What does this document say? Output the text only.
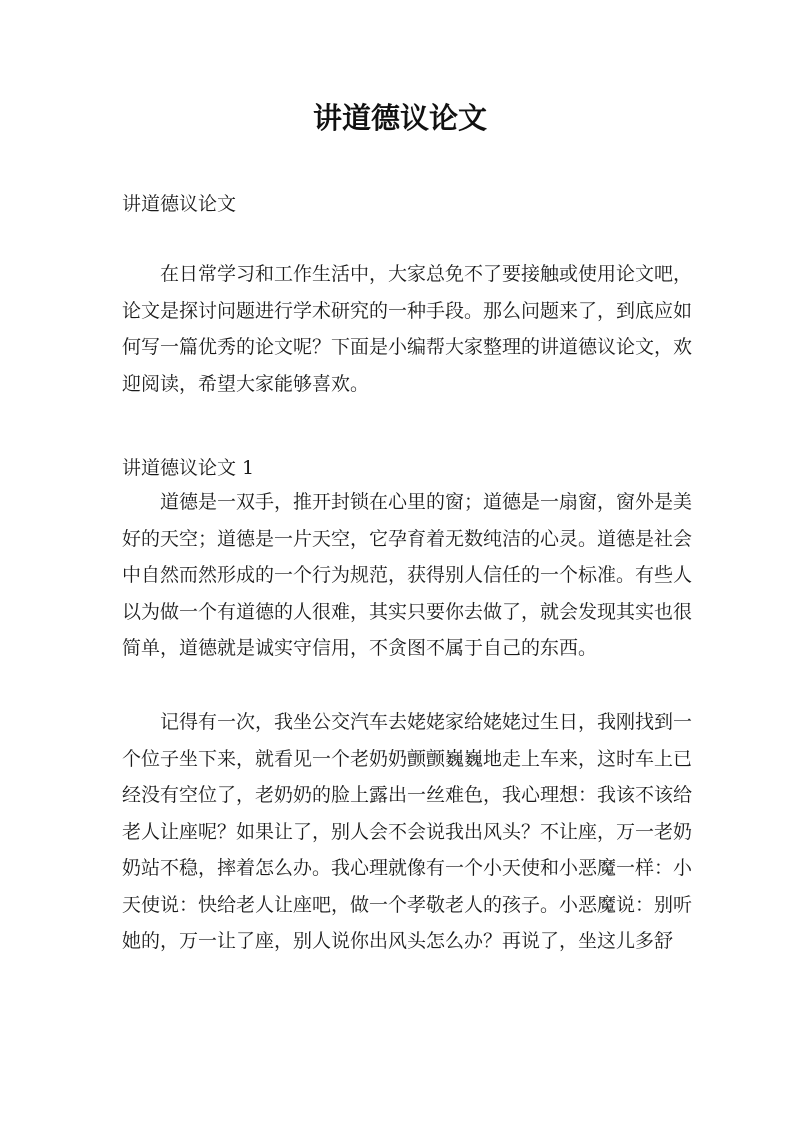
讲道德议论文

讲道德议论文

在日常学习和工作生活中，大家总免不了要接触或使用论文吧，论文是探讨问题进行学术研究的一种手段。那么问题来了，到底应如何写一篇优秀的论文呢？下面是小编帮大家整理的讲道德议论文，欢迎阅读，希望大家能够喜欢。

讲道德议论文 1

道德是一双手，推开封锁在心里的窗；道德是一扇窗，窗外是美好的天空；道德是一片天空，它孕育着无数纯洁的心灵。道德是社会中自然而然形成的一个行为规范，获得别人信任的一个标准。有些人以为做一个有道德的人很难，其实只要你去做了，就会发现其实也很简单，道德就是诚实守信用，不贪图不属于自己的东西。

记得有一次，我坐公交汽车去姥姥家给姥姥过生日，我刚找到一个位子坐下来，就看见一个老奶奶颤颤巍巍地走上车来，这时车上已经没有空位了，老奶奶的脸上露出一丝难色，我心理想：我该不该给老人让座呢？如果让了，别人会不会说我出风头？不让座，万一老奶奶站不稳，摔着怎么办。我心理就像有一个小天使和小恶魔一样：小天使说：快给老人让座吧，做一个孝敬老人的孩子。小恶魔说：别听她的，万一让了座，别人说你出风头怎么办？再说了，坐这儿多舒
